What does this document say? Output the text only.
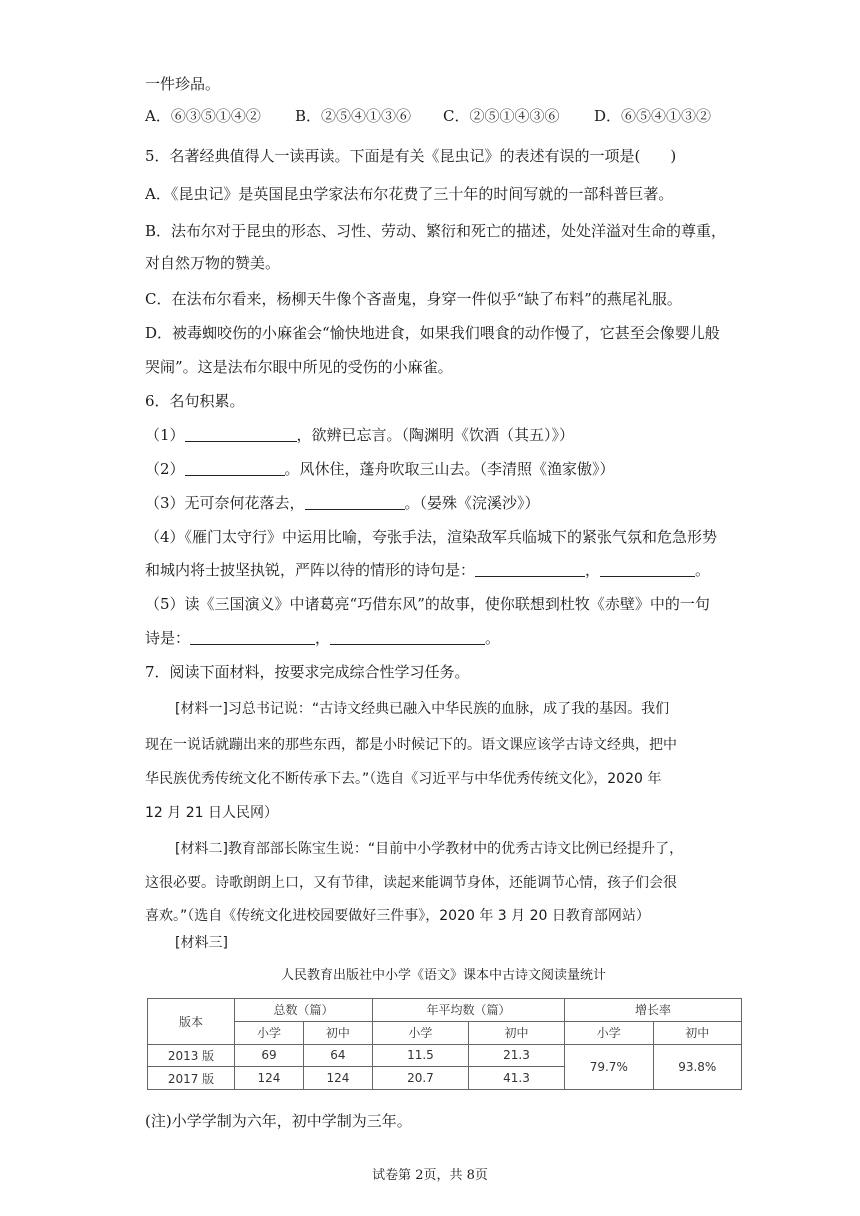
一件珍品。
A．⑥③⑤①④② B．②⑤④①③⑥ C．②⑤①④③⑥ D．⑥⑤④①③②
5．名著经典值得人一读再读。下面是有关《昆虫记》的表述有误的一项是(　　)
A．《昆虫记》是英国昆虫学家法布尔花费了三十年的时间写就的一部科普巨著。
B．法布尔对于昆虫的形态、习性、劳动、繁衍和死亡的描述，处处洋溢对生命的尊重，
对自然万物的赞美。
C．在法布尔看来，杨柳天牛像个吝啬鬼，身穿一件似乎“缺了布料”的燕尾礼服。
D．被毒蜘咬伤的小麻雀会“愉快地进食，如果我们喂食的动作慢了，它甚至会像婴儿般
哭闹”。这是法布尔眼中所见的受伤的小麻雀。
6．名句积累。
（1）	，欲辨已忘言。（陶渊明《饮酒（其五）》）
（2）	。风休住，蓬舟吹取三山去。（李清照《渔家傲》）
（3）无可奈何花落去，	。（晏殊《浣溪沙》）
（4）《雁门太守行》中运用比喻，夸张手法，渲染敌军兵临城下的紧张气氛和危急形势
和城内将士披坚执锐，严阵以待的情形的诗句是：	，	。
（5）读《三国演义》中诸葛亮“巧借东风”的故事，使你联想到杜牧《赤壁》中的一句
诗是：	，	。
7．阅读下面材料，按要求完成综合性学习任务。
[材料一]习总书记说：“古诗文经典已融入中华民族的血脉，成了我的基因。我们
现在一说话就蹦出来的那些东西，都是小时候记下的。语文课应该学古诗文经典，把中
华民族优秀传统文化不断传承下去。”（选自《习近平与中华优秀传统文化》，2020 年
12 月 21 日人民网）
[材料二]教育部部长陈宝生说：“目前中小学教材中的优秀古诗文比例已经提升了，
这很必要。诗歌朗朗上口，又有节律，读起来能调节身体，还能调节心情，孩子们会很
喜欢。”（选自《传统文化进校园要做好三件事》，2020 年 3 月 20 日教育部网站）
[材料三]
人民教育出版社中小学《语文》课本中古诗文阅读量统计
版本	总数（篇）		年平均数（篇）		增长率	
	小学	初中	小学	初中	小学	初中
2013 版	69	64	11.5	21.3	79.7%	93.8%
2017 版	124	124	20.7	41.3		
(注)小学学制为六年，初中学制为三年。
试卷第 2页，共 8页
